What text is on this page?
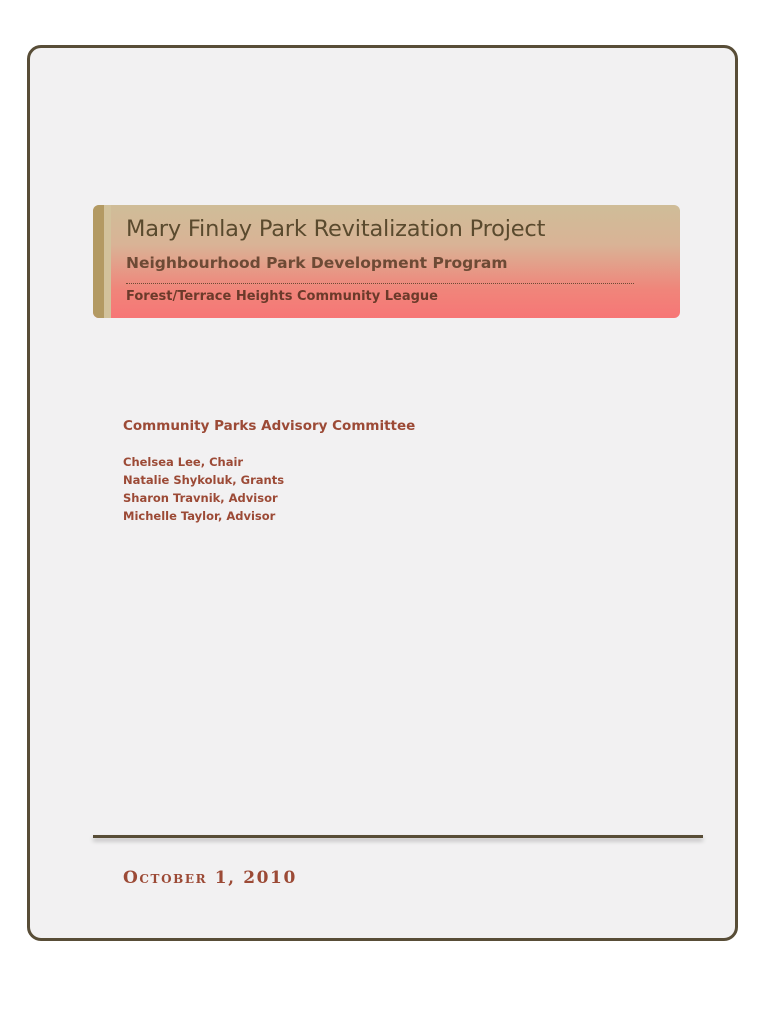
Mary Finlay Park Revitalization Project
Neighbourhood Park Development Program

Forest/Terrace Heights Community League

Community Parks Advisory Committee
Chelsea Lee, Chair
Natalie Shykoluk, Grants
Sharon Travnik, Advisor
Michelle Taylor, Advisor

October 1, 2010
